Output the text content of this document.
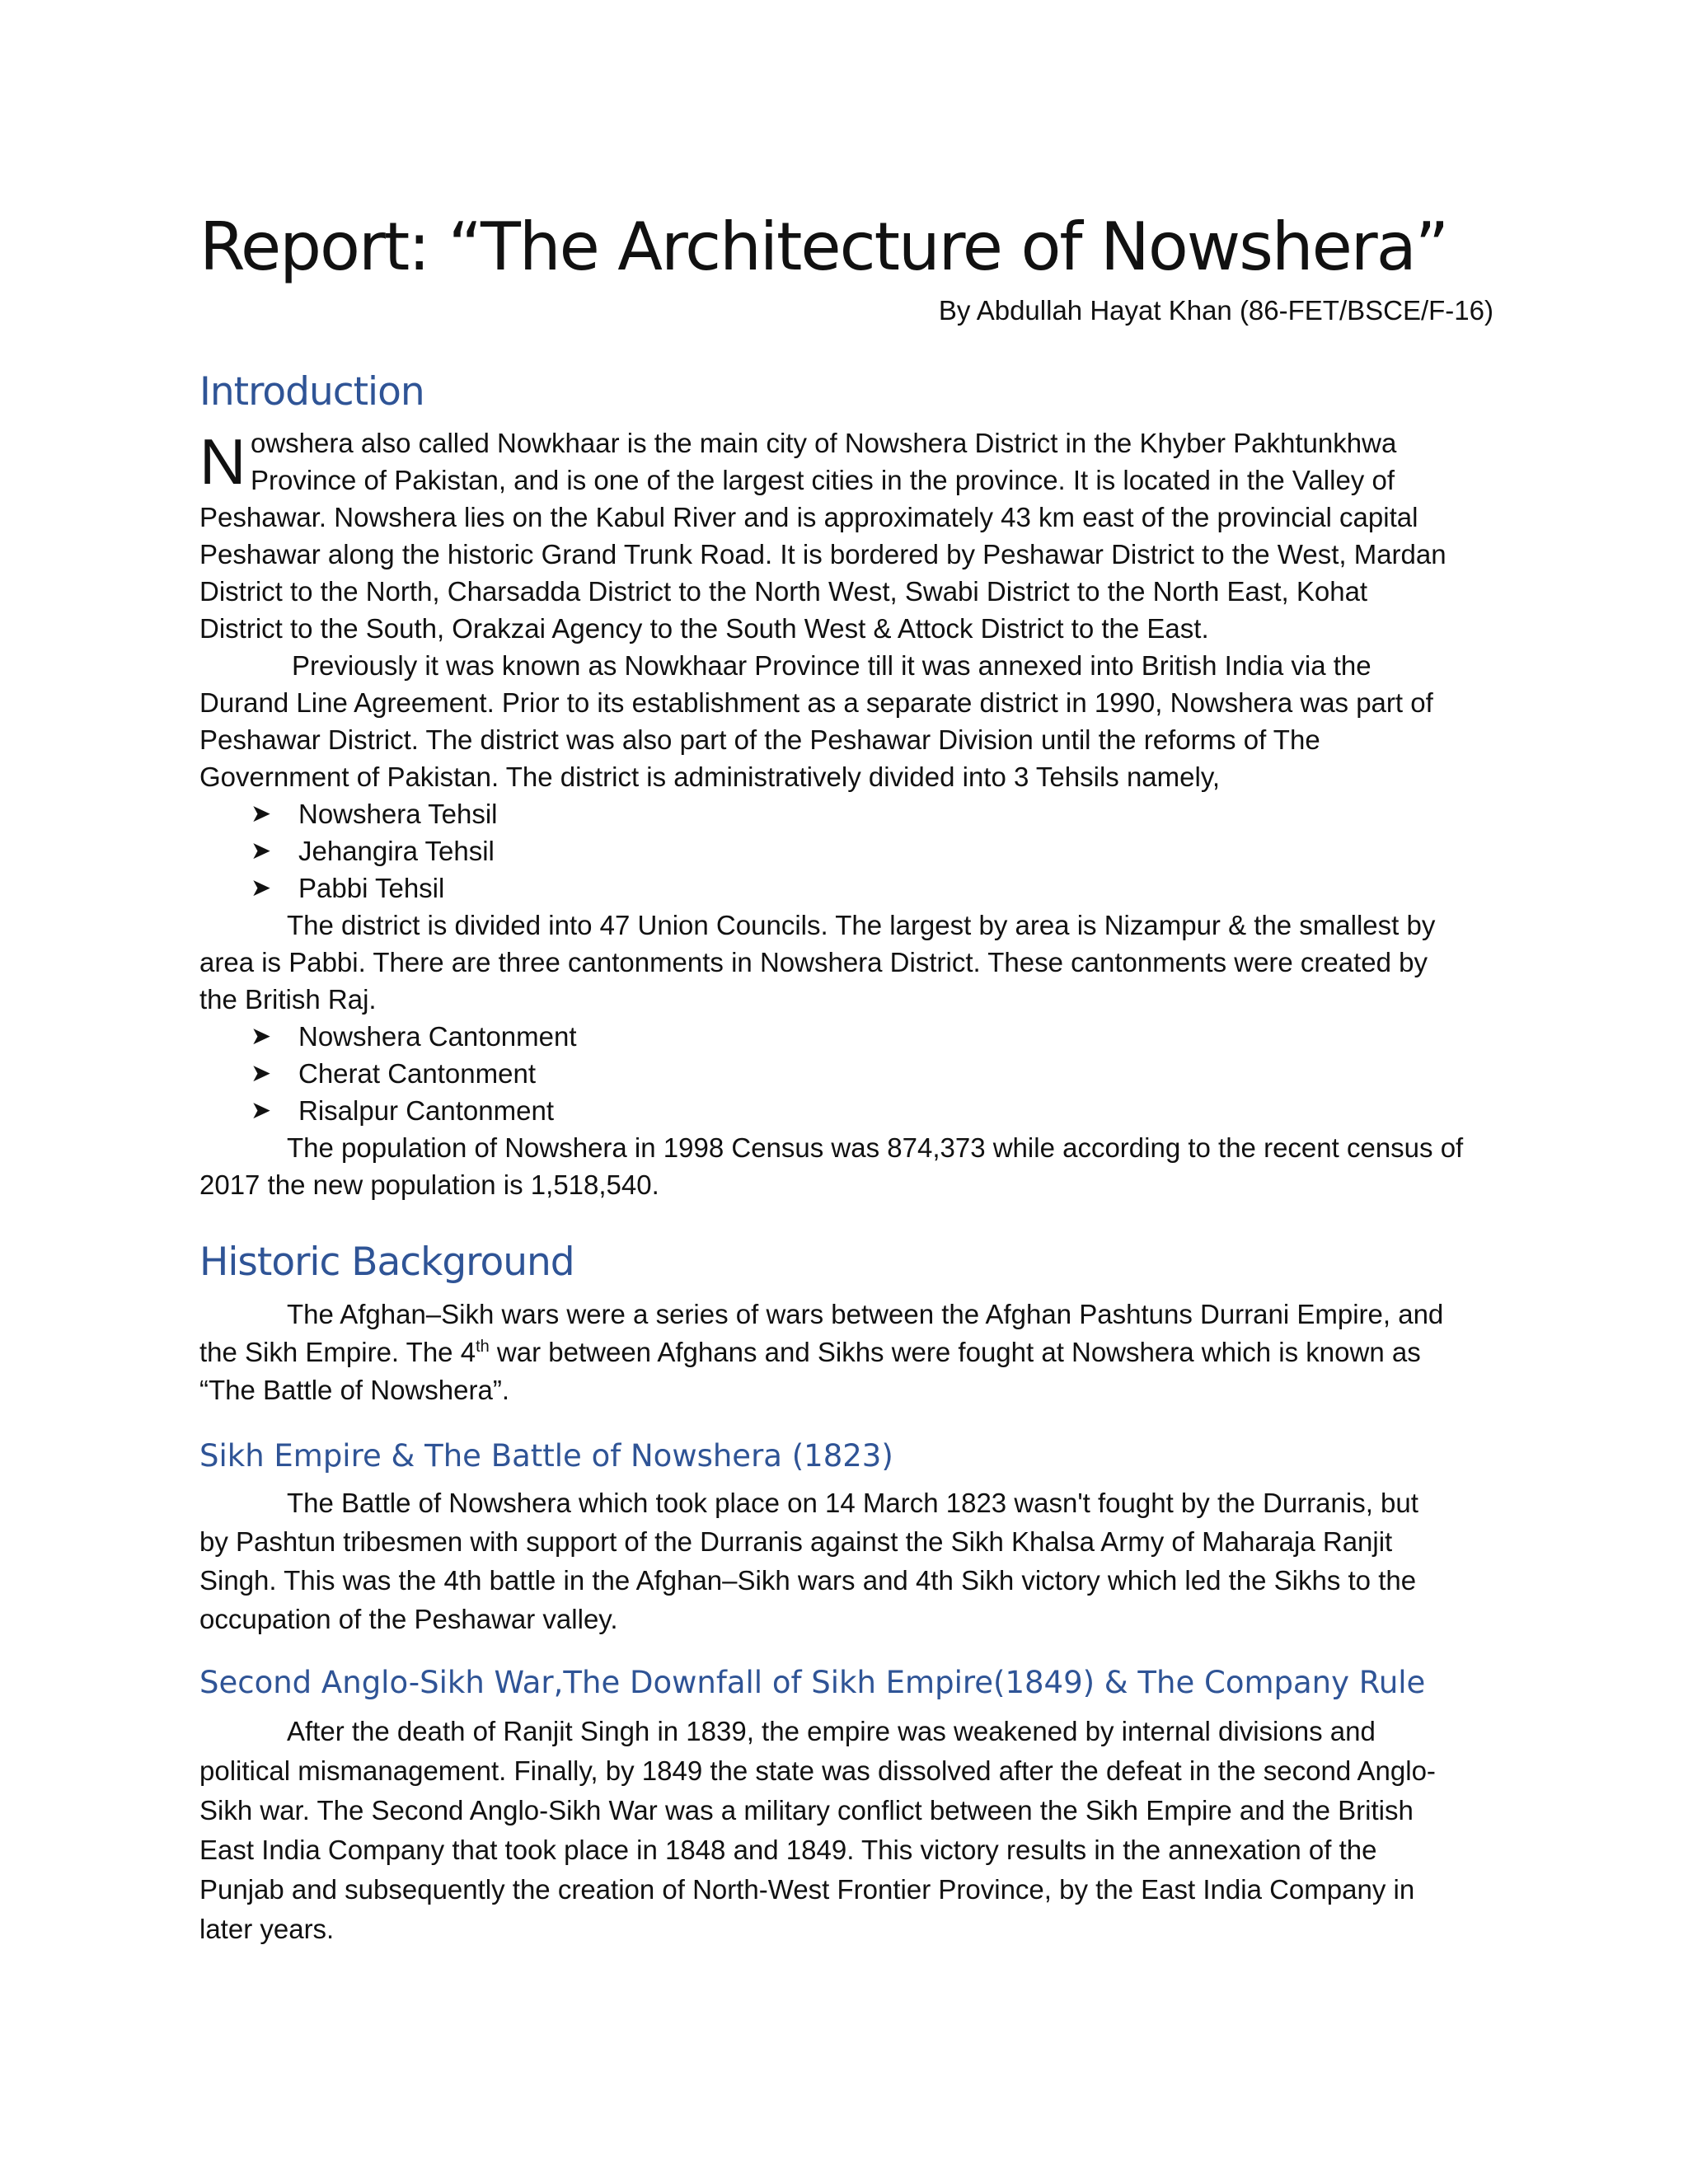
Report: “The Architecture of Nowshera”

By Abdullah Hayat Khan (86-FET/BSCE/F-16)

Introduction
N owshera also called Nowkhaar is the main city of Nowshera District in the Khyber Pakhtunkhwa

Province of Pakistan, and is one of the largest cities in the province. It is located in the Valley of

Peshawar. Nowshera lies on the Kabul River and is approximately 43 km east of the provincial capital

Peshawar along the historic Grand Trunk Road. It is bordered by Peshawar District to the West, Mardan

District to the North, Charsadda District to the North West, Swabi District to the North East, Kohat

District to the South, Orakzai Agency to the South West & Attock District to the East.

Previously it was known as Nowkhaar Province till it was annexed into British India via the

Durand Line Agreement. Prior to its establishment as a separate district in 1990, Nowshera was part of

Peshawar District. The district was also part of the Peshawar Division until the reforms of The

Government of Pakistan. The district is administratively divided into 3 Tehsils namely,

➤ Nowshera Tehsil
➤ Jehangira Tehsil
➤ Pabbi Tehsil

The district is divided into 47 Union Councils. The largest by area is Nizampur & the smallest by

area is Pabbi. There are three cantonments in Nowshera District. These cantonments were created by

the British Raj.

➤ Nowshera Cantonment
➤ Cherat Cantonment
➤ Risalpur Cantonment

The population of Nowshera in 1998 Census was 874,373 while according to the recent census of

2017 the new population is 1,518,540.

Historic Background

The Afghan–Sikh wars were a series of wars between the Afghan Pashtuns Durrani Empire, and

the Sikh Empire. The 4th war between Afghans and Sikhs were fought at Nowshera which is known as

“The Battle of Nowshera”.

Sikh Empire & The Battle of Nowshera (1823)

The Battle of Nowshera which took place on 14 March 1823 wasn't fought by the Durranis, but

by Pashtun tribesmen with support of the Durranis against the Sikh Khalsa Army of Maharaja Ranjit

Singh. This was the 4th battle in the Afghan–Sikh wars and 4th Sikh victory which led the Sikhs to the

occupation of the Peshawar valley.

Second Anglo-Sikh War,The Downfall of Sikh Empire(1849) & The Company Rule

After the death of Ranjit Singh in 1839, the empire was weakened by internal divisions and

political mismanagement. Finally, by 1849 the state was dissolved after the defeat in the second Anglo-

Sikh war. The Second Anglo-Sikh War was a military conflict between the Sikh Empire and the British

East India Company that took place in 1848 and 1849. This victory results in the annexation of the

Punjab and subsequently the creation of North-West Frontier Province, by the East India Company in

later years.
